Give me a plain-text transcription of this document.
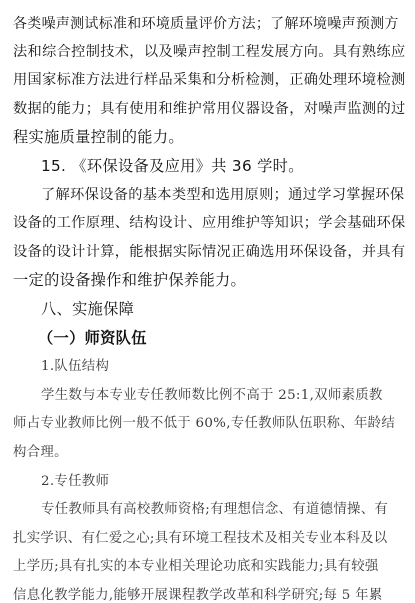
各类噪声测试标准和环境质量评价方法；了解环境噪声预测方
法和综合控制技术，以及噪声控制工程发展方向。具有熟练应
用国家标准方法进行样品采集和分析检测，正确处理环境检测
数据的能力；具有使用和维护常用仪器设备，对噪声监测的过
程实施质量控制的能力。
15. 《环保设备及应用》共 36 学时。
了解环保设备的基本类型和选用原则；通过学习掌握环保
设备的工作原理、结构设计、应用维护等知识；学会基础环保
设备的设计计算，能根据实际情况正确选用环保设备，并具有
一定的设备操作和维护保养能力。
八、实施保障
（一）师资队伍
1.队伍结构
学生数与本专业专任教师数比例不高于 25:1,双师素质教
师占专业教师比例一般不低于 60%,专任教师队伍职称、年龄结
构合理。
2.专任教师
专任教师具有高校教师资格;有理想信念、有道德情操、有
扎实学识、有仁爱之心;具有环境工程技术及相关专业本科及以
上学历;具有扎实的本专业相关理论功底和实践能力;具有较强
信息化教学能力,能够开展课程教学改革和科学研究;每 5 年累
